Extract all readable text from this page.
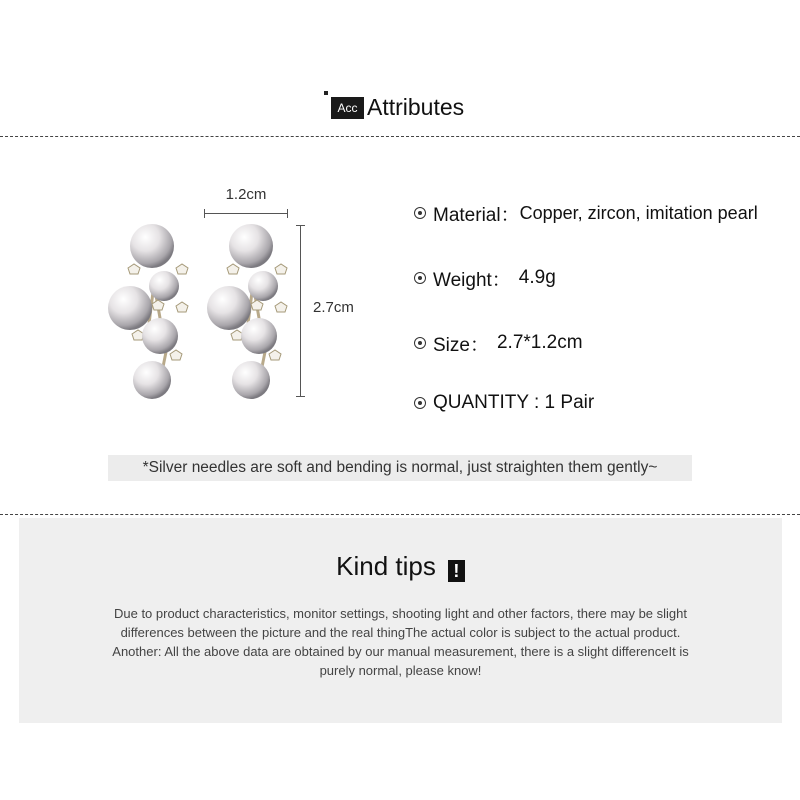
Acc Attributes
1.2cm
2.7cm
Material： Copper, zircon, imitation pearl
Weight： 4.9g
Size： 2.7*1.2cm
QUANTITY : 1 Pair
*Silver needles are soft and bending is normal, just straighten them gently~
Kind tips !
Due to product characteristics, monitor settings, shooting light and other factors, there may be slight
differences between the picture and the real thingThe actual color is subject to the actual product.
Another: All the above data are obtained by our manual measurement, there is a slight differenceIt is
purely normal, please know!
